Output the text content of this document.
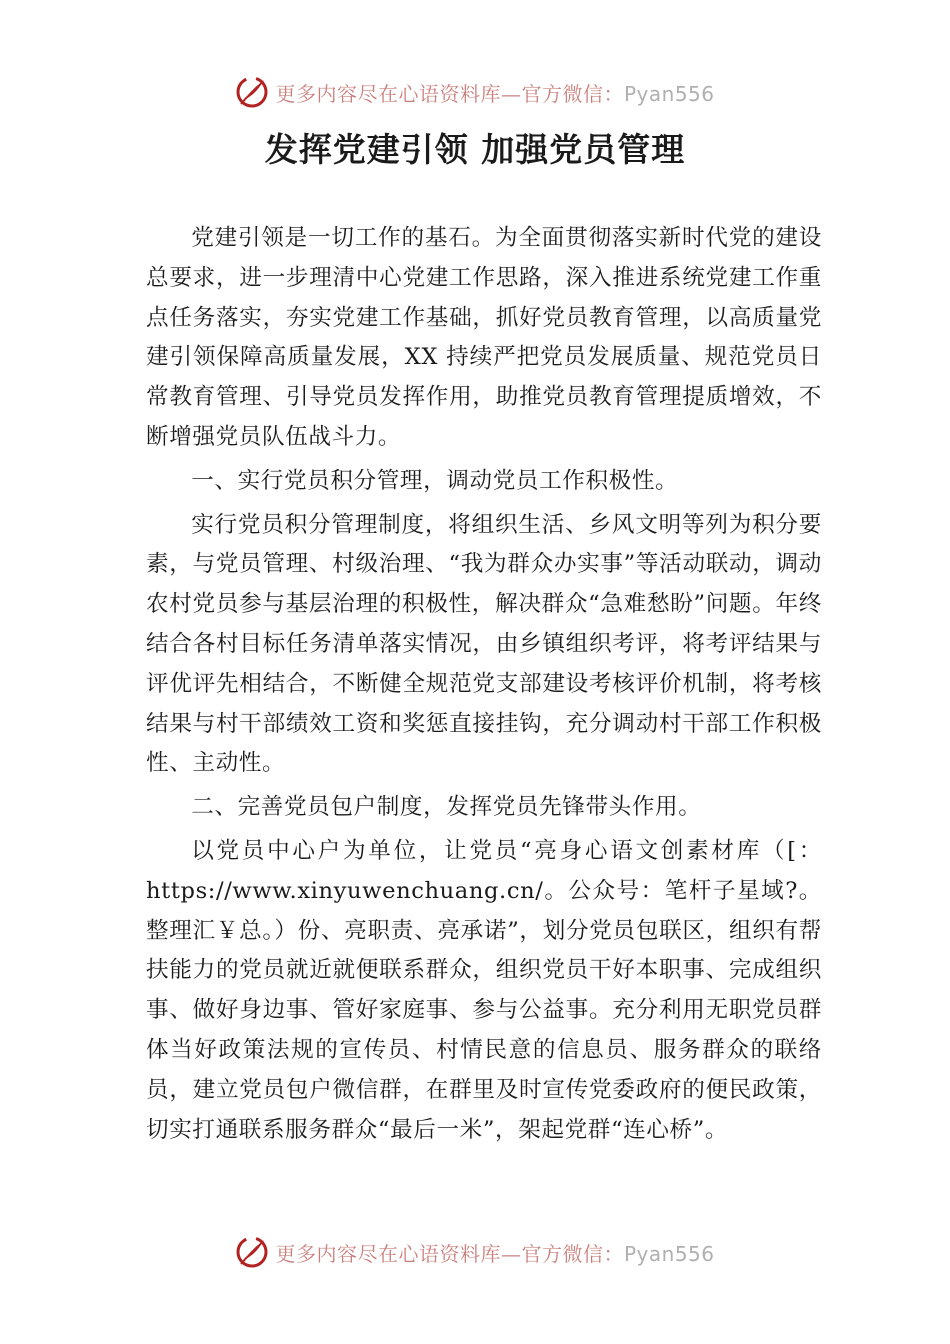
更多内容尽在心语资料库—官方微信：Pyan556
发挥党建引领 加强党员管理

党建引领是一切工作的基石。为全面贯彻落实新时代党的建设总要求，进一步理清中心党建工作思路，深入推进系统党建工作重点任务落实，夯实党建工作基础，抓好党员教育管理，以高质量党建引领保障高质量发展，XX 持续严把党员发展质量、规范党员日常教育管理、引导党员发挥作用，助推党员教育管理提质增效，不断增强党员队伍战斗力。

一、实行党员积分管理，调动党员工作积极性。

实行党员积分管理制度，将组织生活、乡风文明等列为积分要素，与党员管理、村级治理、“我为群众办实事”等活动联动，调动农村党员参与基层治理的积极性，解决群众“急难愁盼”问题。年终结合各村目标任务清单落实情况，由乡镇组织考评，将考评结果与评优评先相结合，不断健全规范党支部建设考核评价机制，将考核结果与村干部绩效工资和奖惩直接挂钩，充分调动村干部工作积极性、主动性。

二、完善党员包户制度，发挥党员先锋带头作用。

以党员中心户为单位，让党员“亮身心语文创素材库（[：https://www.xinyuwenchuang.cn/。公众号：笔杆子星域?。整理汇￥总。）份、亮职责、亮承诺”，划分党员包联区，组织有帮扶能力的党员就近就便联系群众，组织党员干好本职事、完成组织事、做好身边事、管好家庭事、参与公益事。充分利用无职党员群体当好政策法规的宣传员、村情民意的信息员、服务群众的联络员，建立党员包户微信群，在群里及时宣传党委政府的便民政策， 切实打通联系服务群众“最后一米”，架起党群“连心桥”。

更多内容尽在心语资料库—官方微信：Pyan556
